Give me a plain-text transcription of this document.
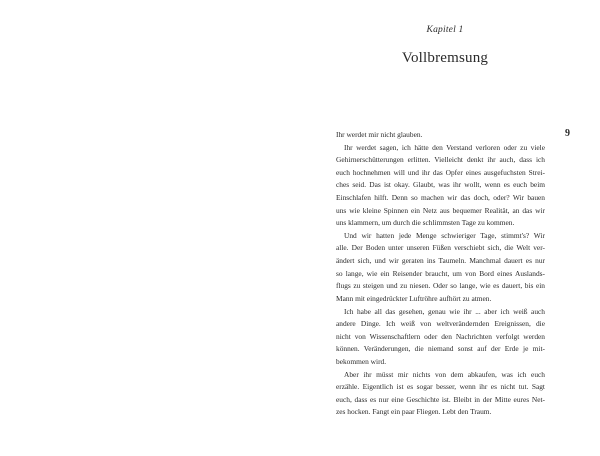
Kapitel 1
Vollbremsung
9
Ihr werdet mir nicht glauben.
Ihr werdet sagen, ich hätte den Verstand verloren oder zu viele
Gehirnerschütterungen erlitten. Vielleicht denkt ihr auch, dass ich
euch hochnehmen will und ihr das Opfer eines ausgefuchsten Strei-
ches seid. Das ist okay. Glaubt, was ihr wollt, wenn es euch beim
Einschlafen hilft. Denn so machen wir das doch, oder? Wir bauen
uns wie kleine Spinnen ein Netz aus bequemer Realität, an das wir
uns klammern, um durch die schlimmsten Tage zu kommen.
Und wir hatten jede Menge schwieriger Tage, stimmt's? Wir
alle. Der Boden unter unseren Füßen verschiebt sich, die Welt ver-
ändert sich, und wir geraten ins Taumeln. Manchmal dauert es nur
so lange, wie ein Reisender braucht, um von Bord eines Auslands-
flugs zu steigen und zu niesen. Oder so lange, wie es dauert, bis ein
Mann mit eingedrückter Luftröhre aufhört zu atmen.
Ich habe all das gesehen, genau wie ihr ... aber ich weiß auch
andere Dinge. Ich weiß von weltverändernden Ereignissen, die
nicht von Wissenschaftlern oder den Nachrichten verfolgt werden
können. Veränderungen, die niemand sonst auf der Erde je mit-
bekommen wird.
Aber ihr müsst mir nichts von dem abkaufen, was ich euch
erzähle. Eigentlich ist es sogar besser, wenn ihr es nicht tut. Sagt
euch, dass es nur eine Geschichte ist. Bleibt in der Mitte eures Net-
zes hocken. Fangt ein paar Fliegen. Lebt den Traum.
